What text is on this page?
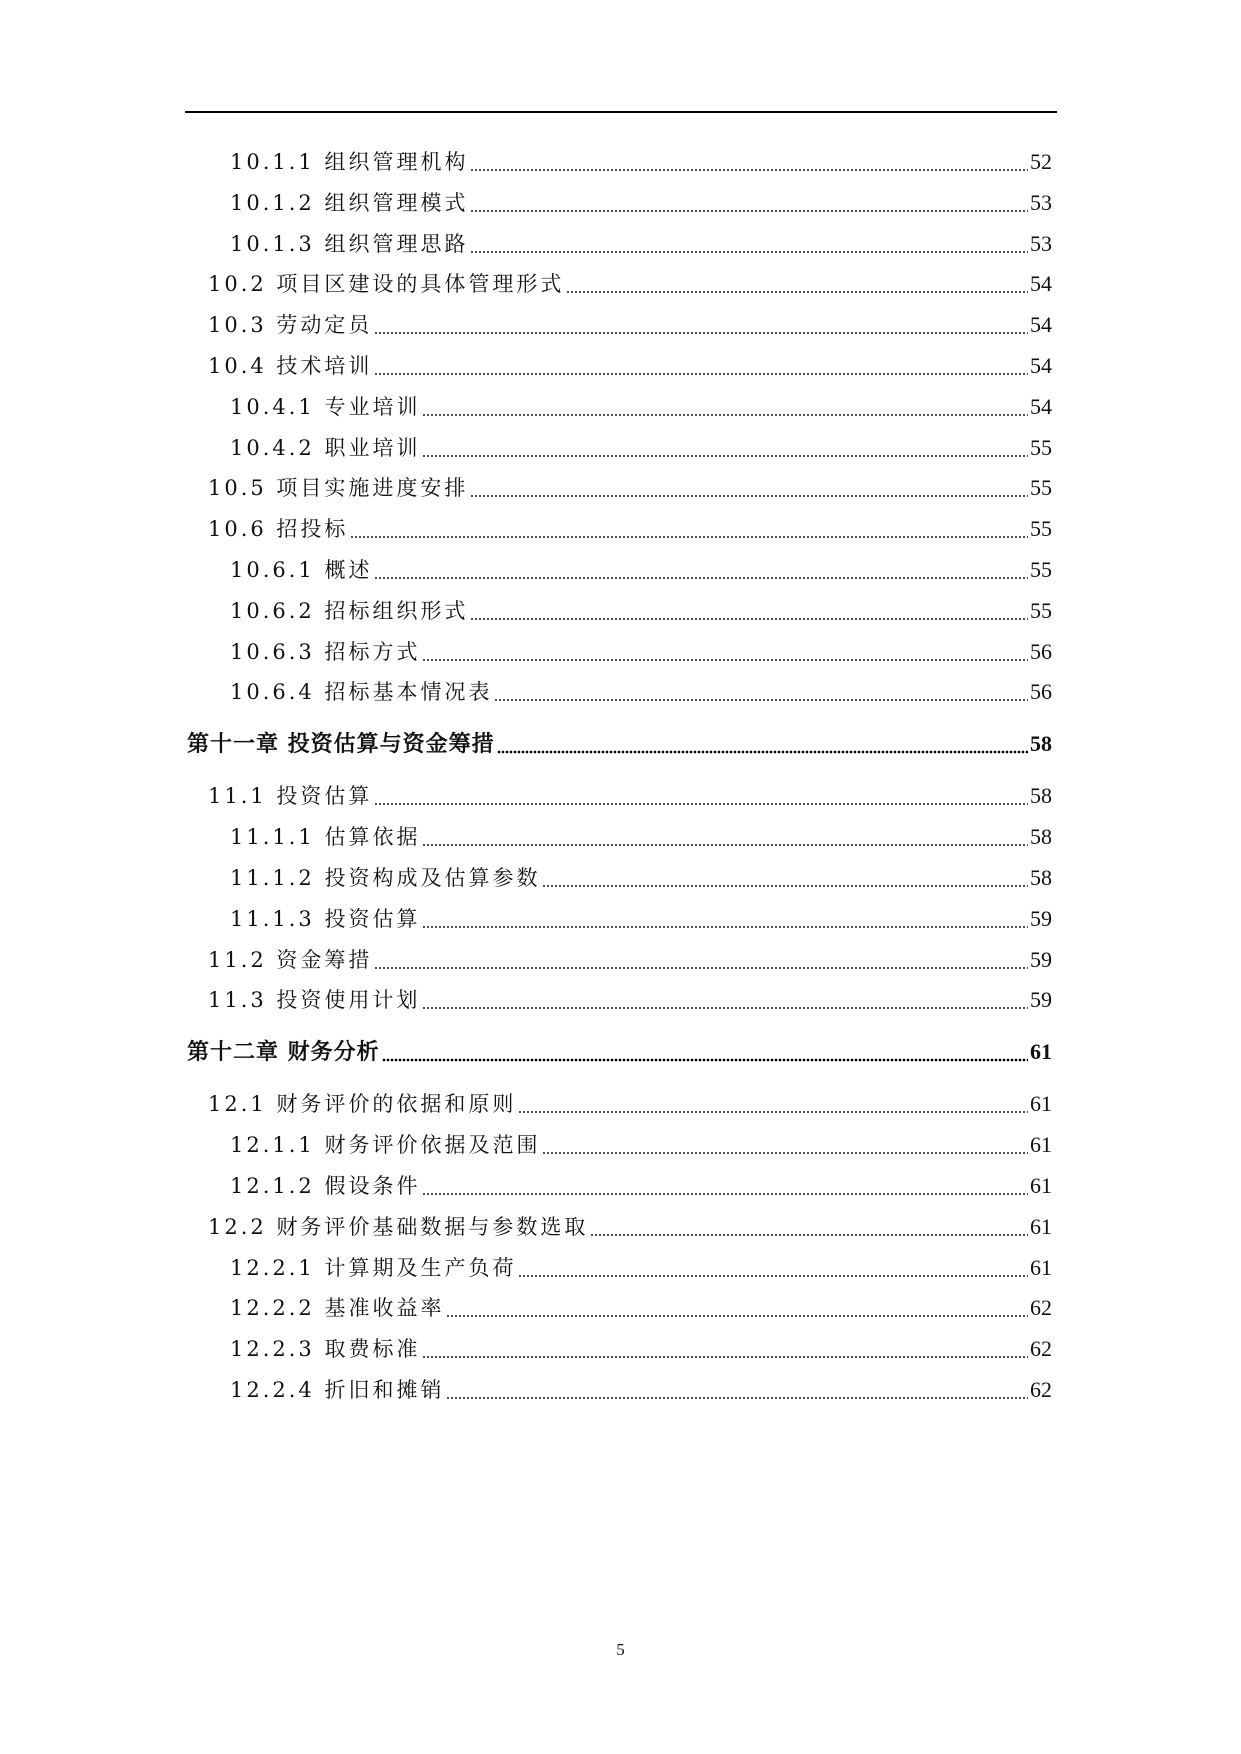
10.1.1 组织管理机构	52
10.1.2 组织管理模式	53
10.1.3 组织管理思路	53
10.2 项目区建设的具体管理形式	54
10.3 劳动定员	54
10.4 技术培训	54
10.4.1 专业培训	54
10.4.2 职业培训	55
10.5 项目实施进度安排	55
10.6 招投标	55
10.6.1 概述	55
10.6.2 招标组织形式	55
10.6.3 招标方式	56
10.6.4 招标基本情况表	56
第十一章 投资估算与资金筹措	58
11.1 投资估算	58
11.1.1 估算依据	58
11.1.2 投资构成及估算参数	58
11.1.3 投资估算	59
11.2 资金筹措	59
11.3 投资使用计划	59
第十二章 财务分析	61
12.1 财务评价的依据和原则	61
12.1.1 财务评价依据及范围	61
12.1.2 假设条件	61
12.2 财务评价基础数据与参数选取	61
12.2.1 计算期及生产负荷	61
12.2.2 基准收益率	62
12.2.3 取费标准	62
12.2.4 折旧和摊销	62
5
